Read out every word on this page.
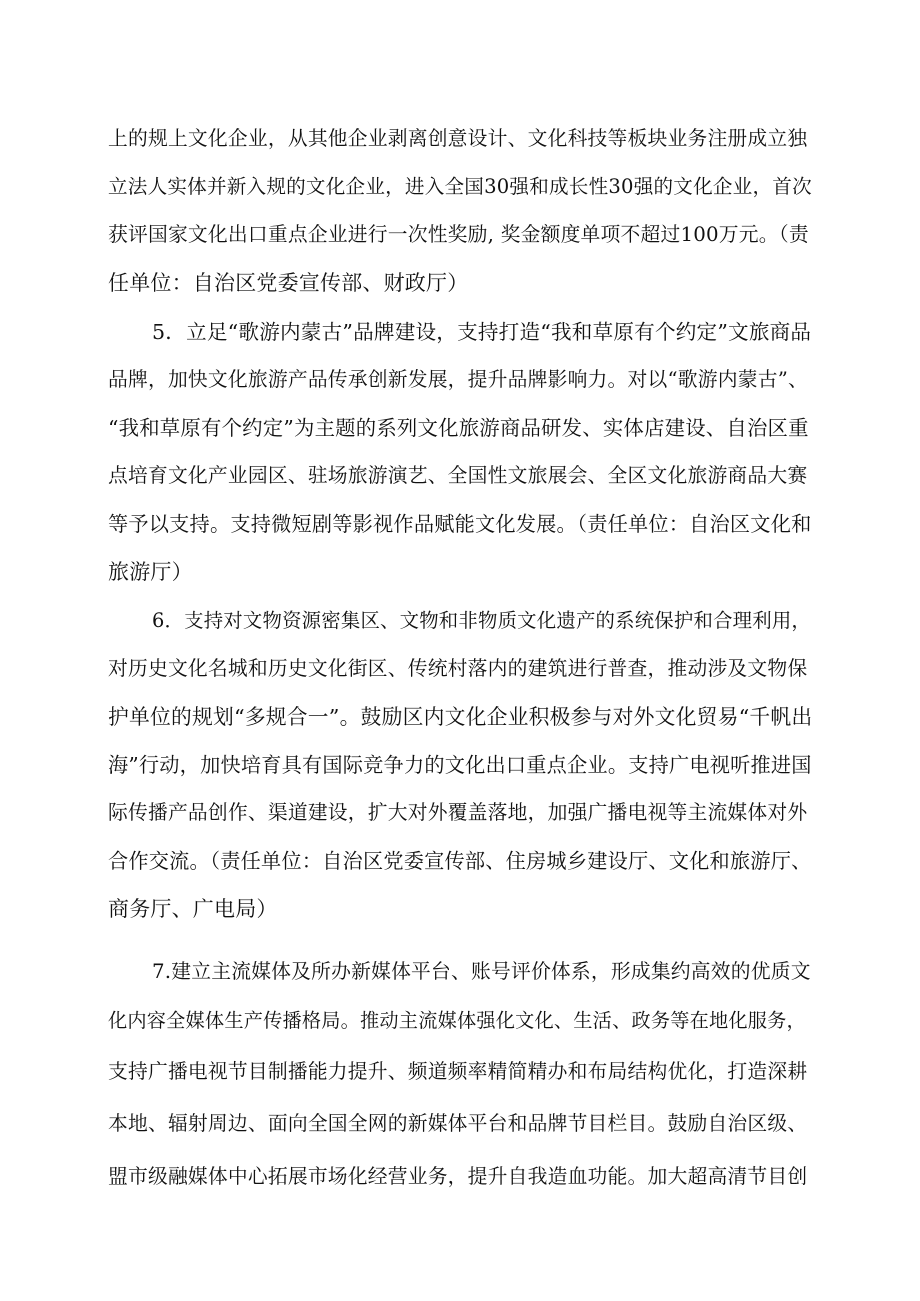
上的规上文化企业，从其他企业剥离创意设计、文化科技等板块业务注册成立独
立法人实体并新入规的文化企业，进入全国30强和成长性30强的文化企业，首次
获评国家文化出口重点企业进行一次性奖励, 奖金额度单项不超过100万元。（责
任单位：自治区党委宣传部、财政厅）
5．立足“歌游内蒙古”品牌建设，支持打造“我和草原有个约定”文旅商品
品牌，加快文化旅游产品传承创新发展，提升品牌影响力。对以“歌游内蒙古”、
“我和草原有个约定”为主题的系列文化旅游商品研发、实体店建设、自治区重
点培育文化产业园区、驻场旅游演艺、全国性文旅展会、全区文化旅游商品大赛
等予以支持。支持微短剧等影视作品赋能文化发展。（责任单位：自治区文化和
旅游厅）
6．支持对文物资源密集区、文物和非物质文化遗产的系统保护和合理利用，
对历史文化名城和历史文化街区、传统村落内的建筑进行普查，推动涉及文物保
护单位的规划“多规合一”。鼓励区内文化企业积极参与对外文化贸易“千帆出
海”行动，加快培育具有国际竞争力的文化出口重点企业。支持广电视听推进国
际传播产品创作、渠道建设，扩大对外覆盖落地，加强广播电视等主流媒体对外
合作交流。（责任单位：自治区党委宣传部、住房城乡建设厅、文化和旅游厅、
商务厅、广电局）
7.建立主流媒体及所办新媒体平台、账号评价体系，形成集约高效的优质文
化内容全媒体生产传播格局。推动主流媒体强化文化、生活、政务等在地化服务，
支持广播电视节目制播能力提升、频道频率精简精办和布局结构优化，打造深耕
本地、辐射周边、面向全国全网的新媒体平台和品牌节目栏目。鼓励自治区级、
盟市级融媒体中心拓展市场化经营业务，提升自我造血功能。加大超高清节目创
